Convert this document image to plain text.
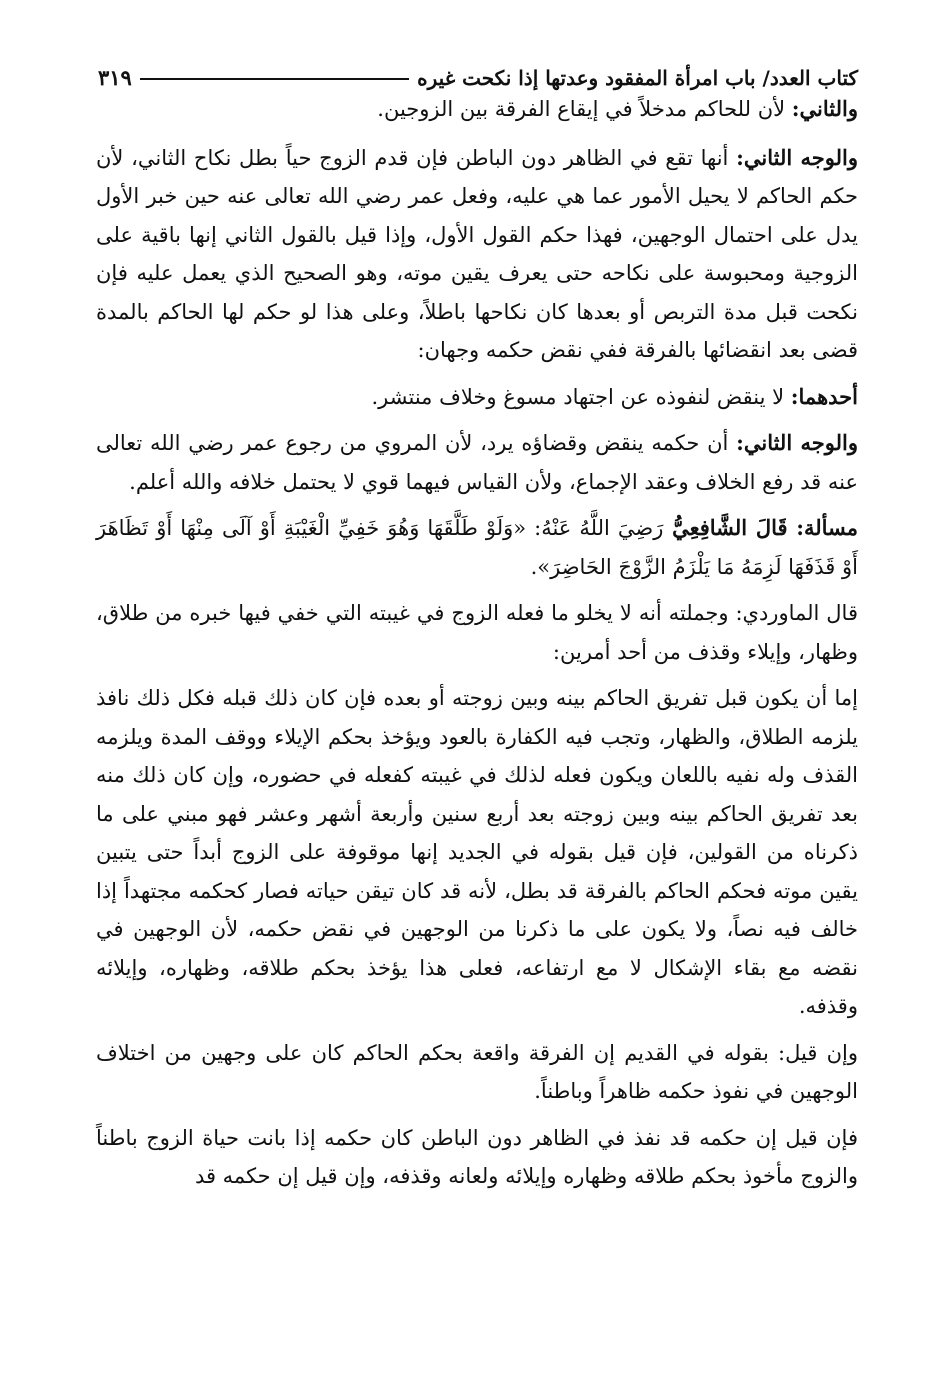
كتاب العدد/ باب امرأة المفقود وعدتها إذا نكحت غيره
٣١٩

والثاني: لأن للحاكم مدخلاً في إيقاع الفرقة بين الزوجين.

والوجه الثاني: أنها تقع في الظاهر دون الباطن فإن قدم الزوج حياً بطل نكاح الثاني، لأن حكم الحاكم لا يحيل الأمور عما هي عليه، وفعل عمر رضي الله تعالى عنه حين خبر الأول يدل على احتمال الوجهين، فهذا حكم القول الأول، وإذا قيل بالقول الثاني إنها باقية على الزوجية ومحبوسة على نكاحه حتى يعرف يقين موته، وهو الصحيح الذي يعمل عليه فإن نكحت قبل مدة التربص أو بعدها كان نكاحها باطلاً، وعلى هذا لو حكم لها الحاكم بالمدة قضى بعد انقضائها بالفرقة ففي نقض حكمه وجهان:

أحدهما: لا ينقض لنفوذه عن اجتهاد مسوغ وخلاف منتشر.

والوجه الثاني: أن حكمه ينقض وقضاؤه يرد، لأن المروي من رجوع عمر رضي الله تعالى عنه قد رفع الخلاف وعقد الإجماع، ولأن القياس فيهما قوي لا يحتمل خلافه والله أعلم.

مسألة: قَالَ الشَّافِعِيُّ رَضِيَ اللَّهُ عَنْهُ: «وَلَوْ طَلَّقَهَا وَهُوَ خَفِيِّ الْغَيْبَةِ أَوْ آلَى مِنْهَا أَوْ تَظَاهَرَ أَوْ قَذَفَهَا لَزِمَهُ مَا يَلْزَمُ الزَّوْجَ الحَاضِرَ».

قال الماوردي: وجملته أنه لا يخلو ما فعله الزوج في غيبته التي خفي فيها خبره من طلاق، وظهار، وإيلاء وقذف من أحد أمرين:

إما أن يكون قبل تفريق الحاكم بينه وبين زوجته أو بعده فإن كان ذلك قبله فكل ذلك نافذ يلزمه الطلاق، والظهار، وتجب فيه الكفارة بالعود ويؤخذ بحكم الإيلاء ووقف المدة ويلزمه القذف وله نفيه باللعان ويكون فعله لذلك في غيبته كفعله في حضوره، وإن كان ذلك منه بعد تفريق الحاكم بينه وبين زوجته بعد أربع سنين وأربعة أشهر وعشر فهو مبني على ما ذكرناه من القولين، فإن قيل بقوله في الجديد إنها موقوفة على الزوج أبداً حتى يتبين يقين موته فحكم الحاكم بالفرقة قد بطل، لأنه قد كان تيقن حياته فصار كحكمه مجتهداً إذا خالف فيه نصاً، ولا يكون على ما ذكرنا من الوجهين في نقض حكمه، لأن الوجهين في نقضه مع بقاء الإشكال لا مع ارتفاعه، فعلى هذا يؤخذ بحكم طلاقه، وظهاره، وإيلائه وقذفه.

وإن قيل: بقوله في القديم إن الفرقة واقعة بحكم الحاكم كان على وجهين من اختلاف الوجهين في نفوذ حكمه ظاهراً وباطناً.

فإن قيل إن حكمه قد نفذ في الظاهر دون الباطن كان حكمه إذا بانت حياة الزوج باطناً والزوج مأخوذ بحكم طلاقه وظهاره وإيلائه ولعانه وقذفه، وإن قيل إن حكمه قد
